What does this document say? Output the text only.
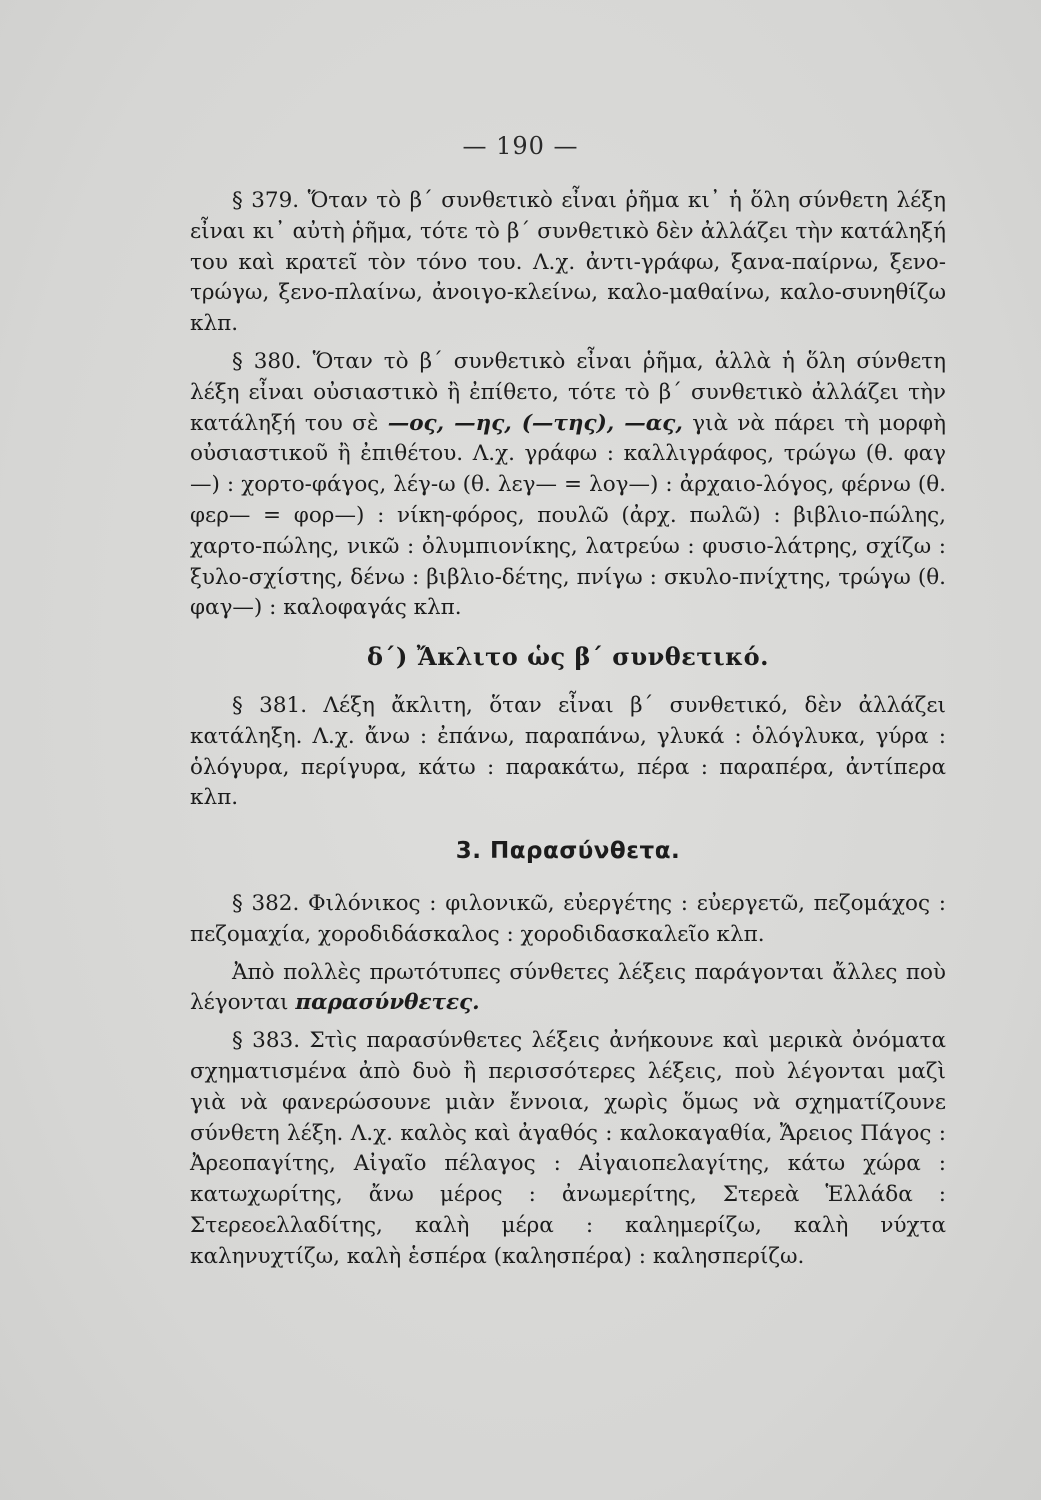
— 190 —

§ 379. Ὅταν τὸ β΄ συνθετικὸ εἶναι ῥῆμα κι᾽ ἡ ὅλη σύνθετη λέξη εἶναι κι᾽ αὐτὴ ῥῆμα, τότε τὸ β΄ συνθετικὸ δὲν ἀλλάζει τὴν κατάληξή του καὶ κρατεῖ τὸν τόνο του. Λ.χ. ἀντι-γράφω, ξανα-παίρνω, ξενο-τρώγω, ξενο-πλαίνω, ἀνοιγο-κλείνω, καλο-μαθαίνω, καλο-συνηθίζω κλπ.

§ 380. Ὅταν τὸ β΄ συνθετικὸ εἶναι ῥῆμα, ἀλλὰ ἡ ὅλη σύνθετη λέξη εἶναι οὐσιαστικὸ ἢ ἐπίθετο, τότε τὸ β΄ συνθετικὸ ἀλλάζει τὴν κατάληξή του σὲ —ος, —ης, (—της), —ας, γιὰ νὰ πάρει τὴ μορφὴ οὐσιαστικοῦ ἢ ἐπιθέτου. Λ.χ. γράφω : καλλιγράφος, τρώγω (θ. φαγ—) : χορτο-φάγος, λέγ-ω (θ. λεγ— = λογ—) : ἀρχαιο-λόγος, φέρνω (θ. φερ— = φορ—) : νίκη-φόρος, πουλῶ (ἀρχ. πωλῶ) : βιβλιο-πώλης, χαρτο-πώλης, νικῶ : ὀλυμπιονίκης, λατρεύω : φυσιο-λάτρης, σχίζω : ξυλο-σχίστης, δένω : βιβλιο-δέτης, πνίγω : σκυλο-πνίχτης, τρώγω (θ. φαγ—) : καλοφαγάς κλπ.

δ΄) Ἄκλιτο ὡς β΄ συνθετικό.

§ 381. Λέξη ἄκλιτη, ὅταν εἶναι β΄ συνθετικό, δὲν ἀλλάζει κατάληξη. Λ.χ. ἄνω : ἐπάνω, παραπάνω, γλυκά : ὁλόγλυκα, γύρα : ὁλόγυρα, περίγυρα, κάτω : παρακάτω, πέρα : παραπέρα, ἀντίπερα κλπ.

3. Παρασύνθετα.

§ 382. Φιλόνικος : φιλονικῶ, εὐεργέτης : εὐεργετῶ, πεζομάχος : πεζομαχία, χοροδιδάσκαλος : χοροδιδασκαλεῖο κλπ.

Ἀπὸ πολλὲς πρωτότυπες σύνθετες λέξεις παράγονται ἄλλες ποὺ λέγονται παρασύνθετες.

§ 383. Στὶς παρασύνθετες λέξεις ἀνήκουνε καὶ μερικὰ ὀνόματα σχηματισμένα ἀπὸ δυὸ ἢ περισσότερες λέξεις, ποὺ λέγονται μαζὶ γιὰ νὰ φανερώσουνε μιὰν ἔννοια, χωρὶς ὅμως νὰ σχηματίζουνε σύνθετη λέξη. Λ.χ. καλὸς καὶ ἀγαθός : καλοκαγαθία, Ἄρειος Πάγος : Ἀρεοπαγίτης, Αἰγαῖο πέλαγος : Αἰγαιοπελαγίτης, κάτω χώρα : κατωχωρίτης, ἄνω μέρος : ἀνωμερίτης, Στερεὰ Ἑλλάδα : Στερεοελλαδίτης, καλὴ μέρα : καλημερίζω, καλὴ νύχτα καληνυχτίζω, καλὴ ἑσπέρα (καλησπέρα) : καλησπερίζω.
